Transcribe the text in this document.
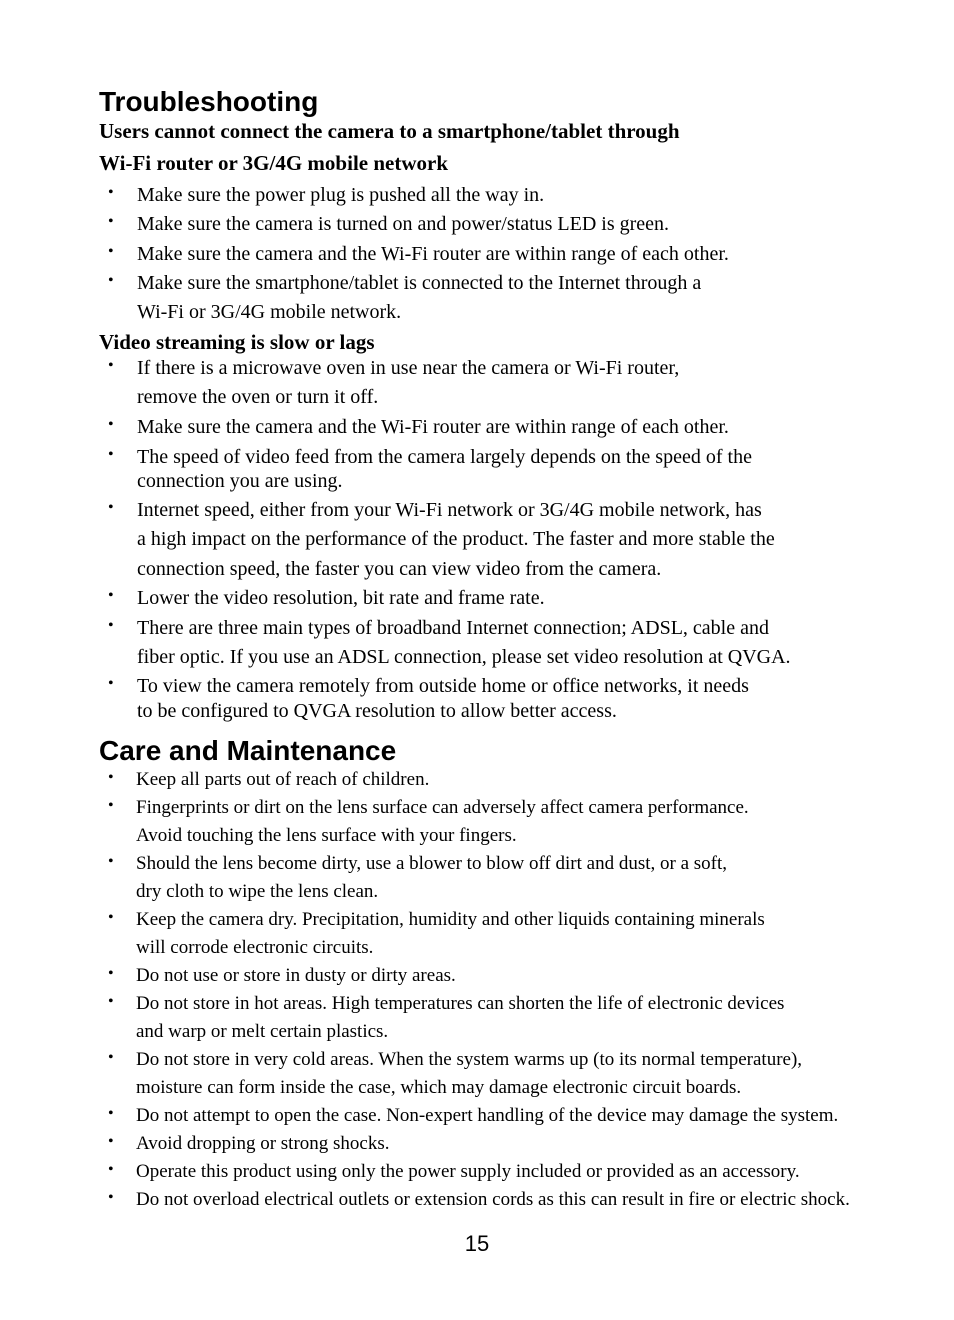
Troubleshooting
Users cannot connect the camera to a smartphone/tablet through
Wi-Fi router or 3G/4G mobile network
•	Make sure the power plug is pushed all the way in.
•	Make sure the camera is turned on and power/status LED is green.
•	Make sure the camera and the Wi-Fi router are within range of each other.
•	Make sure the smartphone/tablet is connected to the Internet through a
Wi-Fi or 3G/4G mobile network.
Video streaming is slow or lags
•	If there is a microwave oven in use near the camera or Wi-Fi router,
remove the oven or turn it off.
•	Make sure the camera and the Wi-Fi router are within range of each other.
•	The speed of video feed from the camera largely depends on the speed of the
connection you are using.
•	Internet speed, either from your Wi-Fi network or 3G/4G mobile network, has
a high impact on the performance of the product. The faster and more stable the
connection speed, the faster you can view video from the camera.
•	Lower the video resolution, bit rate and frame rate.
•	There are three main types of broadband Internet connection; ADSL, cable and
fiber optic. If you use an ADSL connection, please set video resolution at QVGA.
•	To view the camera remotely from outside home or office networks, it needs
to be configured to QVGA resolution to allow better access.
Care and Maintenance
•	Keep all parts out of reach of children.
•	Fingerprints or dirt on the lens surface can adversely affect camera performance.
Avoid touching the lens surface with your fingers.
•	Should the lens become dirty, use a blower to blow off dirt and dust, or a soft,
dry cloth to wipe the lens clean.
•	Keep the camera dry. Precipitation, humidity and other liquids containing minerals
will corrode electronic circuits.
•	Do not use or store in dusty or dirty areas.
•	Do not store in hot areas. High temperatures can shorten the life of electronic devices
and warp or melt certain plastics.
•	Do not store in very cold areas. When the system warms up (to its normal temperature),
moisture can form inside the case, which may damage electronic circuit boards.
•	Do not attempt to open the case. Non-expert handling of the device may damage the system.
•	Avoid dropping or strong shocks.
•	Operate this product using only the power supply included or provided as an accessory.
•	Do not overload electrical outlets or extension cords as this can result in fire or electric shock.
15
